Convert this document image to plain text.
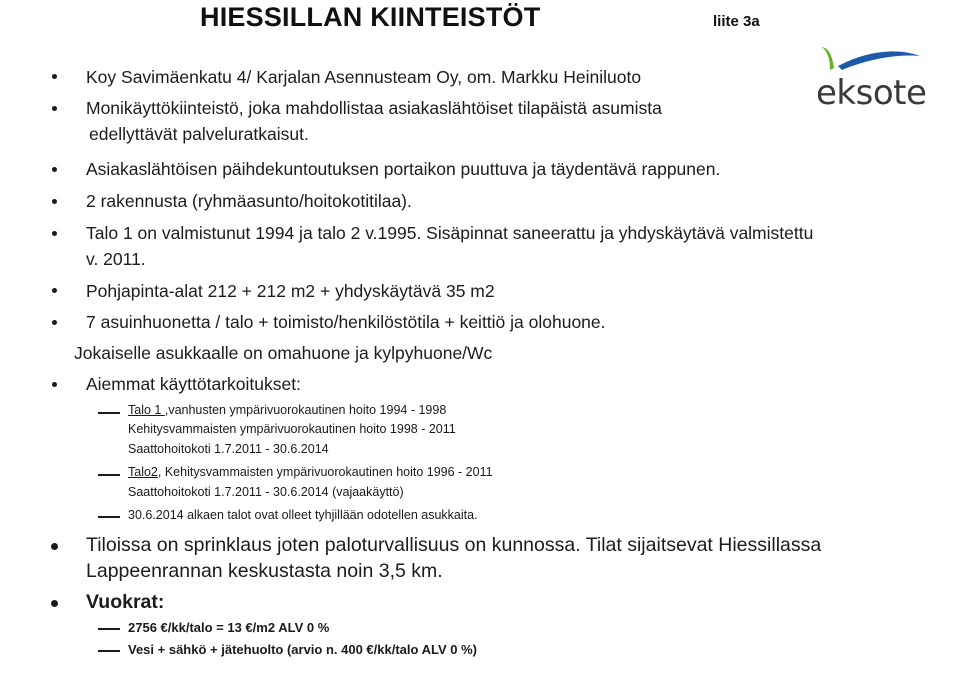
HIESSILLAN KIINTEISTÖT	liite 3a
eksote
Koy Savimäenkatu 4/ Karjalan Asennusteam Oy, om. Markku Heiniluoto
Monikäyttökiinteistö, joka mahdollistaa asiakaslähtöiset tilapäistä asumista
edellyttävät palveluratkaisut.
Asiakaslähtöisen päihdekuntoutuksen portaikon puuttuva ja täydentävä rappunen.
2 rakennusta (ryhmäasunto/hoitokotitilaa).
Talo 1 on valmistunut 1994 ja talo 2 v.1995. Sisäpinnat saneerattu ja yhdyskäytävä valmistettu
v. 2011.
Pohjapinta-alat 212 + 212 m2 + yhdyskäytävä 35 m2
7 asuinhuonetta / talo + toimisto/henkilöstötila + keittiö ja olohuone.
Jokaiselle asukkaalle on omahuone ja kylpyhuone/Wc
Aiemmat käyttötarkoitukset:
Talo 1 ,vanhusten ympärivuorokautinen hoito 1994 - 1998
Kehitysvammaisten ympärivuorokautinen hoito 1998 - 2011
Saattohoitokoti 1.7.2011 - 30.6.2014
Talo2, Kehitysvammaisten ympärivuorokautinen hoito 1996 - 2011
Saattohoitokoti 1.7.2011 - 30.6.2014 (vajaakäyttö)
30.6.2014 alkaen talot ovat olleet tyhjillään odotellen asukkaita.
Tiloissa on sprinklaus joten paloturvallisuus on kunnossa. Tilat sijaitsevat Hiessillassa
Lappeenrannan keskustasta noin 3,5 km.
Vuokrat:
2756 €/kk/talo = 13 €/m2 ALV 0 %
Vesi + sähkö + jätehuolto (arvio n. 400 €/kk/talo ALV 0 %)
